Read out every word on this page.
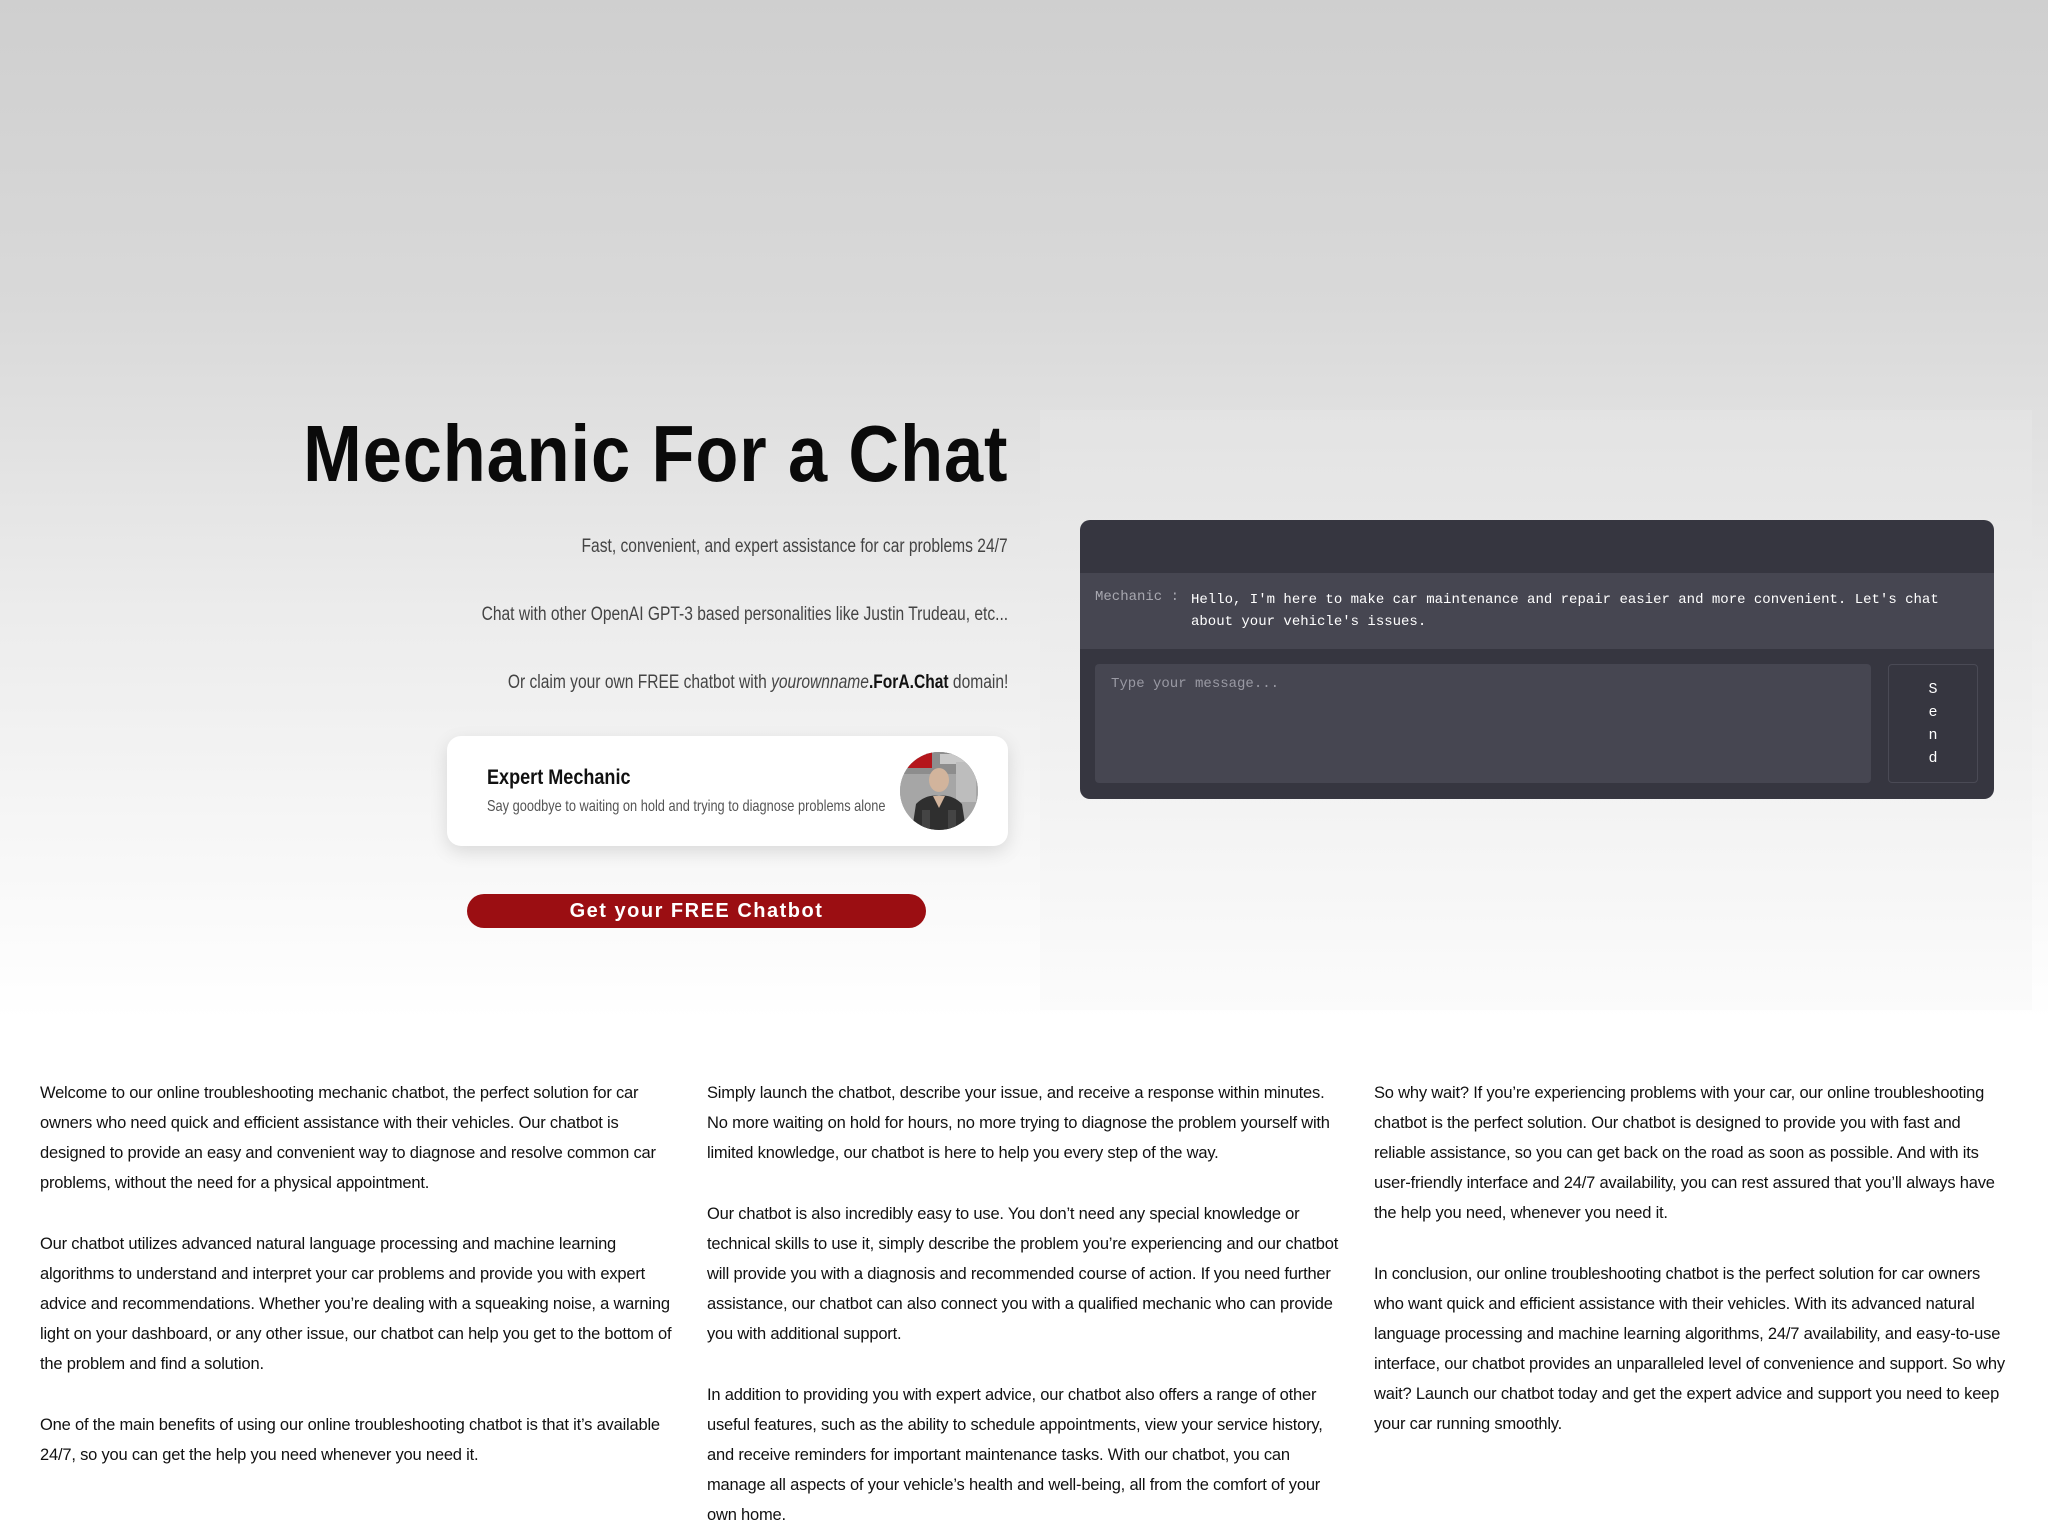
Mechanic For a Chat

Fast, convenient, and expert assistance for car problems 24/7

Chat with other OpenAI GPT-3 based personalities like Justin Trudeau, etc...

Or claim your own FREE chatbot with yourownname.ForA.Chat domain!

Expert Mechanic
Say goodbye to waiting on hold and trying to diagnose problems alone
Get your FREE Chatbot
Mechanic : Hello, I'm here to make car maintenance and repair easier and more convenient. Let's chat about your vehicle's issues.
Type your message...
Send

Welcome to our online troubleshooting mechanic chatbot, the perfect solution for car owners who need quick and efficient assistance with their vehicles. Our chatbot is designed to provide an easy and convenient way to diagnose and resolve common car problems, without the need for a physical appointment.

Our chatbot utilizes advanced natural language processing and machine learning algorithms to understand and interpret your car problems and provide you with expert advice and recommendations. Whether you’re dealing with a squeaking noise, a warning light on your dashboard, or any other issue, our chatbot can help you get to the bottom of the problem and find a solution.

One of the main benefits of using our online troubleshooting chatbot is that it’s available 24/7, so you can get the help you need whenever you need it.

Simply launch the chatbot, describe your issue, and receive a response within minutes. No more waiting on hold for hours, no more trying to diagnose the problem yourself with limited knowledge, our chatbot is here to help you every step of the way.

Our chatbot is also incredibly easy to use. You don’t need any special knowledge or technical skills to use it, simply describe the problem you’re experiencing and our chatbot will provide you with a diagnosis and recommended course of action. If you need further assistance, our chatbot can also connect you with a qualified mechanic who can provide you with additional support.

In addition to providing you with expert advice, our chatbot also offers a range of other useful features, such as the ability to schedule appointments, view your service history, and receive reminders for important maintenance tasks. With our chatbot, you can manage all aspects of your vehicle’s health and well-being, all from the comfort of your own home.

So why wait? If you’re experiencing problems with your car, our online troubleshooting chatbot is the perfect solution. Our chatbot is designed to provide you with fast and reliable assistance, so you can get back on the road as soon as possible. And with its user-friendly interface and 24/7 availability, you can rest assured that you’ll always have the help you need, whenever you need it.

In conclusion, our online troubleshooting chatbot is the perfect solution for car owners who want quick and efficient assistance with their vehicles. With its advanced natural language processing and machine learning algorithms, 24/7 availability, and easy-to-use interface, our chatbot provides an unparalleled level of convenience and support. So why wait? Launch our chatbot today and get the expert advice and support you need to keep your car running smoothly.
